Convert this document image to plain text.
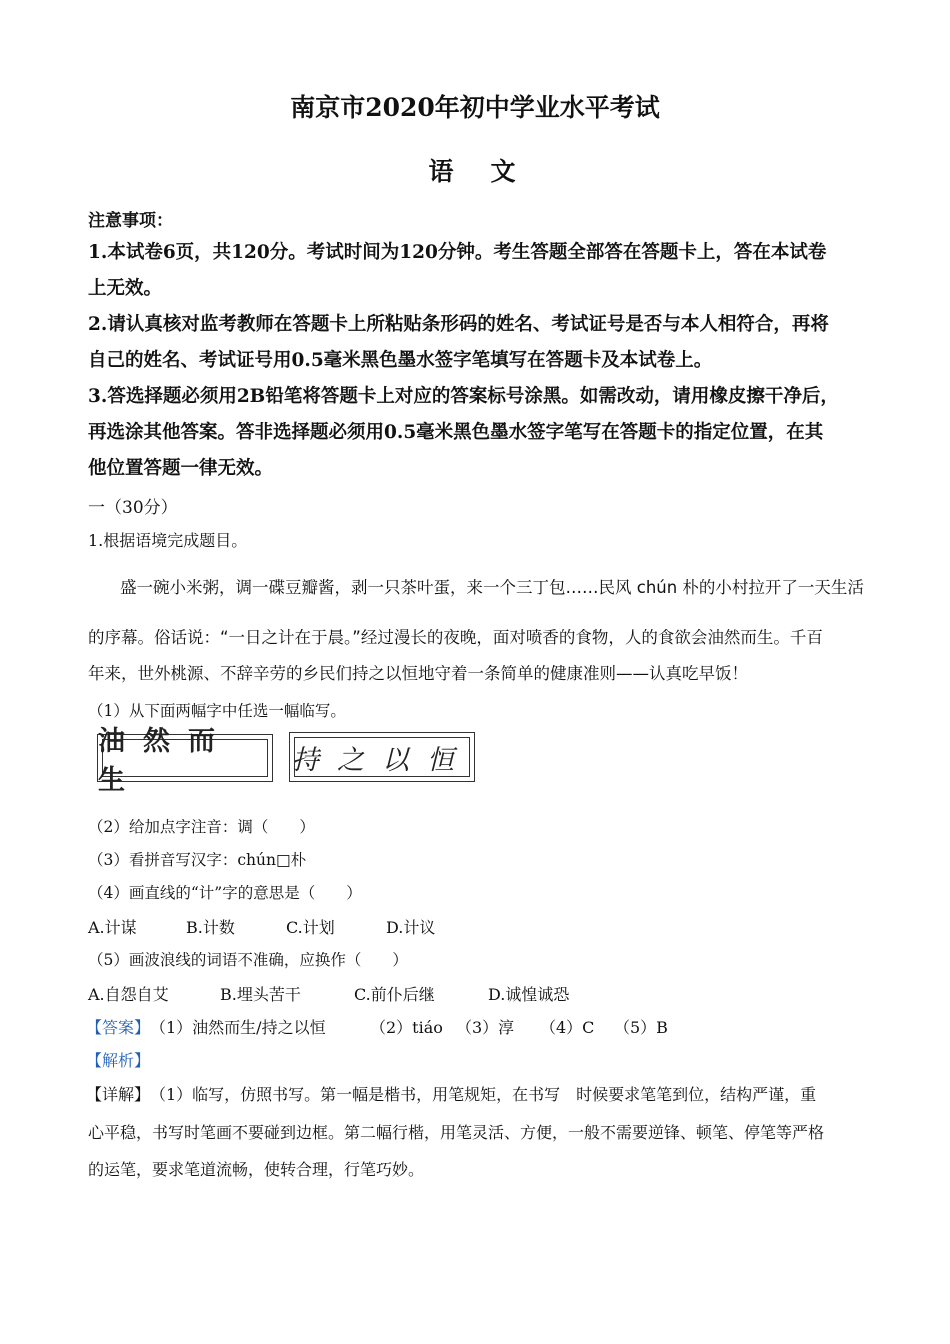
南京市2020年初中学业水平考试
语　文
注意事项：
1.本试卷6页，共120分。考试时间为120分钟。考生答题全部答在答题卡上，答在本试卷
上无效。
2.请认真核对监考教师在答题卡上所粘贴条形码的姓名、考试证号是否与本人相符合，再将
自己的姓名、考试证号用0.5毫米黑色墨水签字笔填写在答题卡及本试卷上。
3.答选择题必须用2B铅笔将答题卡上对应的答案标号涂黑。如需改动，请用橡皮擦干净后，
再选涂其他答案。答非选择题必须用0.5毫米黑色墨水签字笔写在答题卡的指定位置，在其
他位置答题一律无效。
一（30分）
1.根据语境完成题目。
盛一碗小米粥，调一碟豆瓣酱，剥一只茶叶蛋，来一个三丁包……民风 chún 朴的小村拉开了一天生活
的序幕。俗话说：“一日之计在于晨。”经过漫长的夜晚，面对喷香的食物，人的食欲会油然而生。千百
年来，世外桃源、不辞辛劳的乡民们持之以恒地守着一条简单的健康准则——认真吃早饭！
（1）从下面两幅字中任选一幅临写。
油然而生
持之以恒
（2）给加点字注音：调（　　）
（3）看拼音写汉字：chún□朴
（4）画直线的“计”字的意思是（　　）
A.计谋	B.计数	C.计划	D.计议
（5）画波浪线的词语不准确，应换作（　　）
A.自怨自艾	B.埋头苦干	C.前仆后继	D.诚惶诚恐
【答案】 （1）油然而生/持之以恒	（2）tiáo （3）淳 （4）C （5）B
【解析】
【详解】 （1）临写，仿照书写。第一幅是楷书，用笔规矩，在书写　时候要求笔笔到位，结构严谨，重
心平稳，书写时笔画不要碰到边框。第二幅行楷，用笔灵活、方便，一般不需要逆锋、顿笔、停笔等严格
的运笔，要求笔道流畅，使转合理，行笔巧妙。
